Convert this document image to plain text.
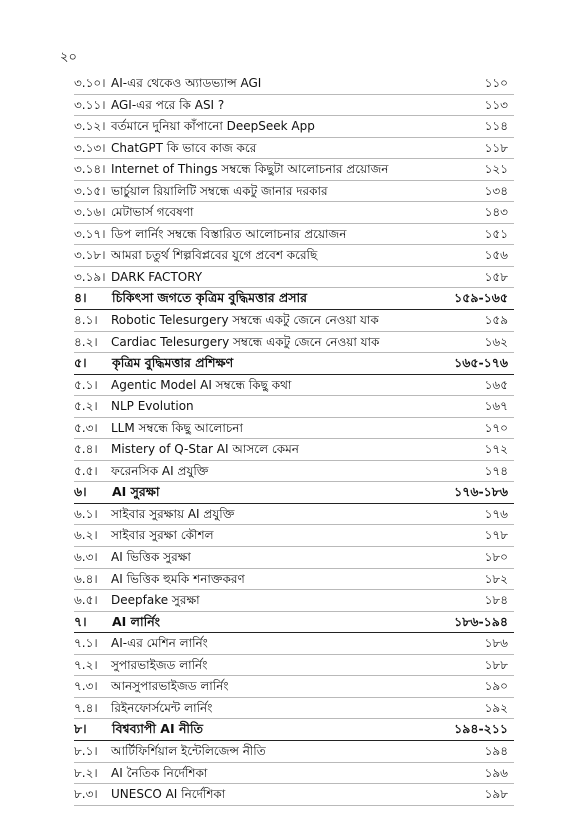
২০
৩.১০। AI-এর থেকেও অ্যাডভ্যান্স AGI	১১০
৩.১১। AGI-এর পরে কি ASI ?	১১৩
৩.১২। বর্তমানে দুনিয়া কাঁপানো DeepSeek App	১১৪
৩.১৩। ChatGPT কি ভাবে কাজ করে	১১৮
৩.১৪। Internet of Things সম্বন্ধে কিছুটা আলোচনার প্রয়োজন	১২১
৩.১৫। ভার্চুয়াল রিয়ালিটি সম্বন্ধে একটু জানার দরকার	১৩৪
৩.১৬। মেটাভার্স গবেষণা	১৪৩
৩.১৭। ডিপ লার্নিং সম্বন্ধে বিস্তারিত আলোচনার প্রয়োজন	১৫১
৩.১৮। আমরা চতুর্থ শিল্পবিপ্লবের যুগে প্রবেশ করেছি	১৫৬
৩.১৯। DARK FACTORY	১৫৮
৪। চিকিৎসা জগতে কৃত্রিম বুদ্ধিমত্তার প্রসার	১৫৯-১৬৫
৪.১। Robotic Telesurgery সম্বন্ধে একটু জেনে নেওয়া যাক	১৫৯
৪.২। Cardiac Telesurgery সম্বন্ধে একটু জেনে নেওয়া যাক	১৬২
৫। কৃত্রিম বুদ্ধিমত্তার প্রশিক্ষণ	১৬৫-১৭৬
৫.১। Agentic Model AI সম্বন্ধে কিছু কথা	১৬৫
৫.২। NLP Evolution	১৬৭
৫.৩। LLM সম্বন্ধে কিছু আলোচনা	১৭০
৫.৪। Mistery of Q-Star AI আসলে কেমন	১৭২
৫.৫। ফরেনসিক AI প্রযুক্তি	১৭৪
৬। AI সুরক্ষা	১৭৬-১৮৬
৬.১। সাইবার সুরক্ষায় AI প্রযুক্তি	১৭৬
৬.২। সাইবার সুরক্ষা কৌশল	১৭৮
৬.৩। AI ভিত্তিক সুরক্ষা	১৮০
৬.৪। AI ভিত্তিক হুমকি শনাক্তকরণ	১৮২
৬.৫। Deepfake সুরক্ষা	১৮৪
৭। AI লার্নিং	১৮৬-১৯৪
৭.১। AI-এর মেশিন লার্নিং	১৮৬
৭.২। সুপারভাইজড লার্নিং	১৮৮
৭.৩। আনসুপারভাইজড লার্নিং	১৯০
৭.৪। রিইনফোর্সমেন্ট লার্নিং	১৯২
৮। বিশ্বব্যাপী AI নীতি	১৯৪-২১১
৮.১। আর্টিফির্শিয়াল ইন্টেলিজেন্স নীতি	১৯৪
৮.২। AI নৈতিক নির্দেশিকা	১৯৬
৮.৩। UNESCO AI নির্দেশিকা	১৯৮
